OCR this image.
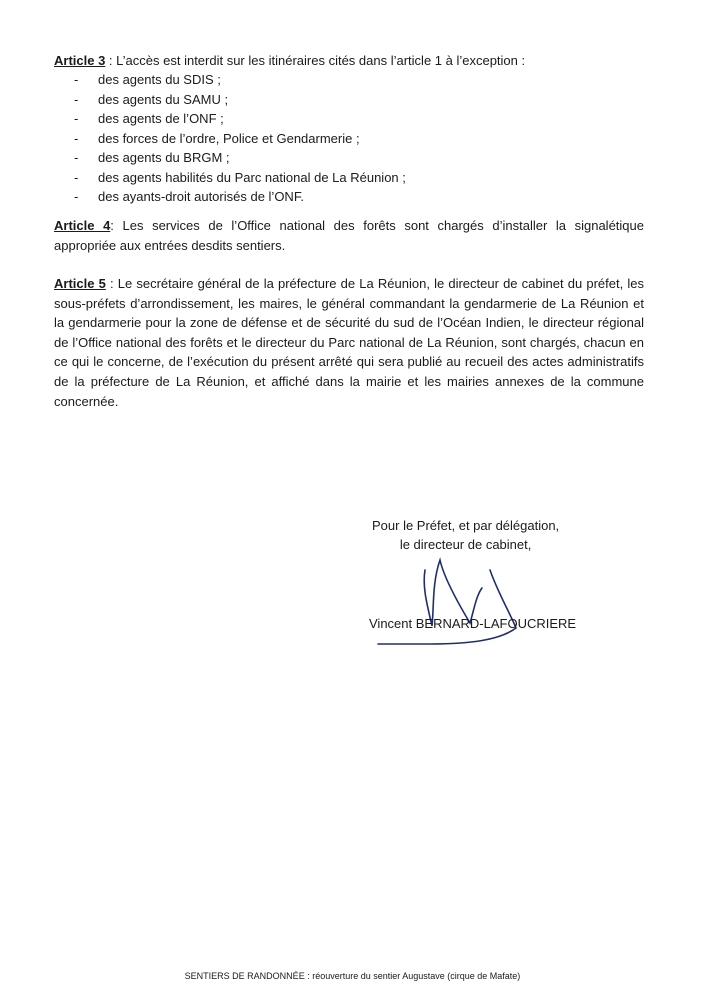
Article 3 : L’accès est interdit sur les itinéraires cités dans l’article 1 à l’exception :
-	des agents du SDIS ;
-	des agents du SAMU ;
-	des agents de l’ONF ;
-	des forces de l’ordre, Police et Gendarmerie ;
-	des agents du BRGM ;
-	des agents habilités du Parc national de La Réunion ;
-	des ayants-droit autorisés de l’ONF.
Article 4: Les services de l’Office national des forêts sont chargés d’installer la signalétique appropriée aux entrées desdits sentiers.
Article 5 : Le secrétaire général de la préfecture de La Réunion, le directeur de cabinet du préfet, les sous-préfets d’arrondissement, les maires, le général commandant la gendarmerie de La Réunion et la gendarmerie pour la zone de défense et de sécurité du sud de l’Océan Indien, le directeur régional de l’Office national des forêts et le directeur du Parc national de La Réunion, sont chargés, chacun en ce qui le concerne, de l’exécution du présent arrêté qui sera publié au recueil des actes administratifs de la préfecture de La Réunion, et affiché dans la mairie et les mairies annexes de la commune concernée.
Pour le Préfet, et par délégation,
le directeur de cabinet,
Vincent BERNARD-LAFOUCRIERE
SENTIERS DE RANDONNÉE : réouverture du sentier Augustave (cirque de Mafate)
